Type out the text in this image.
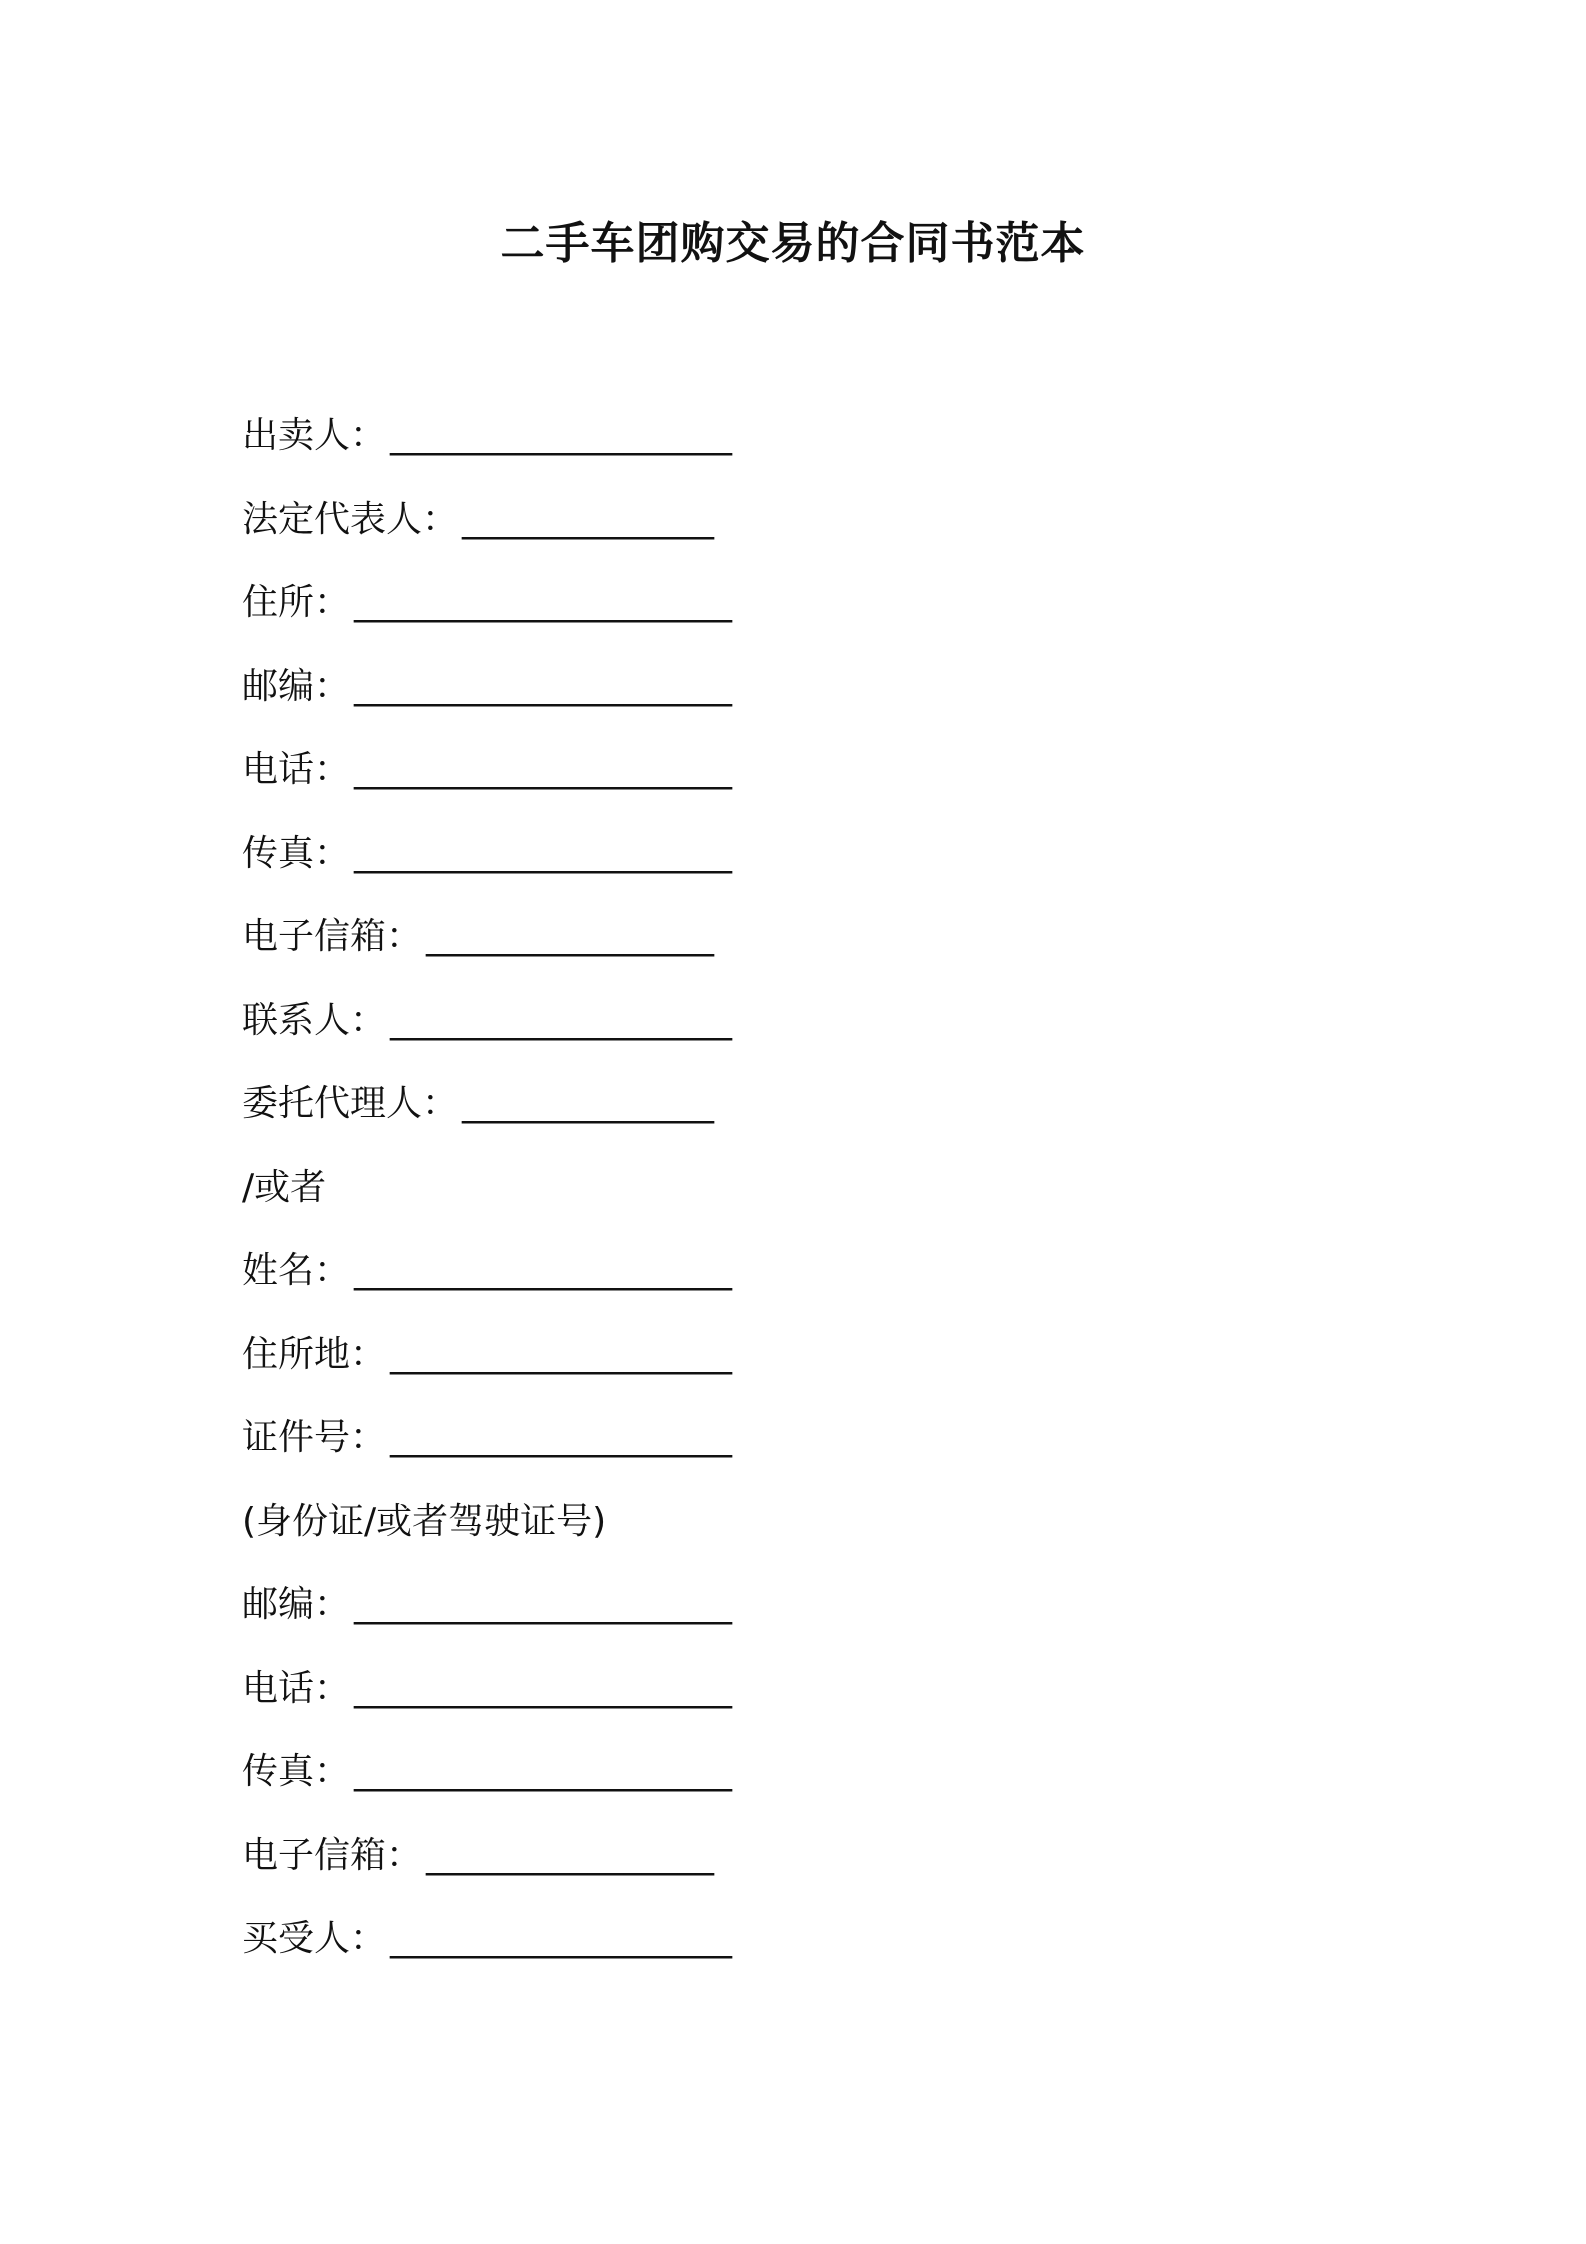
二手车团购交易的合同书范本
出卖人： ___________________
法定代表人： ______________
住所： _____________________
邮编： _____________________
电话： _____________________
传真： _____________________
电子信箱： ________________
联系人： ___________________
委托代理人： ______________
/或者
姓名： _____________________
住所地： ___________________
证件号： ___________________
(身份证/或者驾驶证号)
邮编： _____________________
电话： _____________________
传真： _____________________
电子信箱： ________________
买受人： ___________________
